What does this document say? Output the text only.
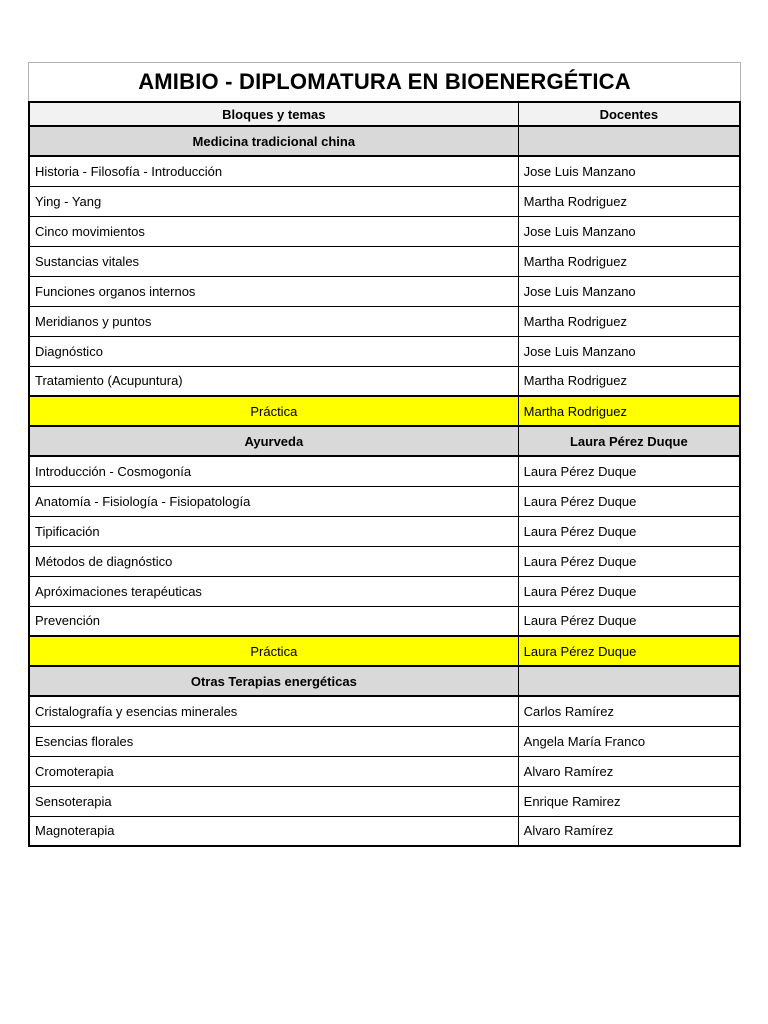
AMIBIO - DIPLOMATURA EN BIOENERGÉTICA
Bloques y temas	Docentes
Medicina tradicional china	
Historia - Filosofía - Introducción	Jose Luis Manzano
Ying - Yang	Martha Rodriguez
Cinco movimientos	Jose Luis Manzano
Sustancias vitales	Martha Rodriguez
Funciones organos internos	Jose Luis Manzano
Meridianos y puntos	Martha Rodriguez
Diagnóstico	Jose Luis Manzano
Tratamiento (Acupuntura)	Martha Rodriguez
Práctica	Martha Rodriguez
Ayurveda	Laura Pérez Duque
Introducción - Cosmogonía	Laura Pérez Duque
Anatomía - Fisiología - Fisiopatología	Laura Pérez Duque
Tipificación	Laura Pérez Duque
Métodos de diagnóstico	Laura Pérez Duque
Apróximaciones terapéuticas	Laura Pérez Duque
Prevención	Laura Pérez Duque
Práctica	Laura Pérez Duque
Otras Terapias energéticas	
Cristalografía y esencias minerales	Carlos Ramírez
Esencias florales	Angela María Franco
Cromoterapia	Alvaro Ramírez
Sensoterapia	Enrique Ramirez
Magnoterapia	Alvaro Ramírez
